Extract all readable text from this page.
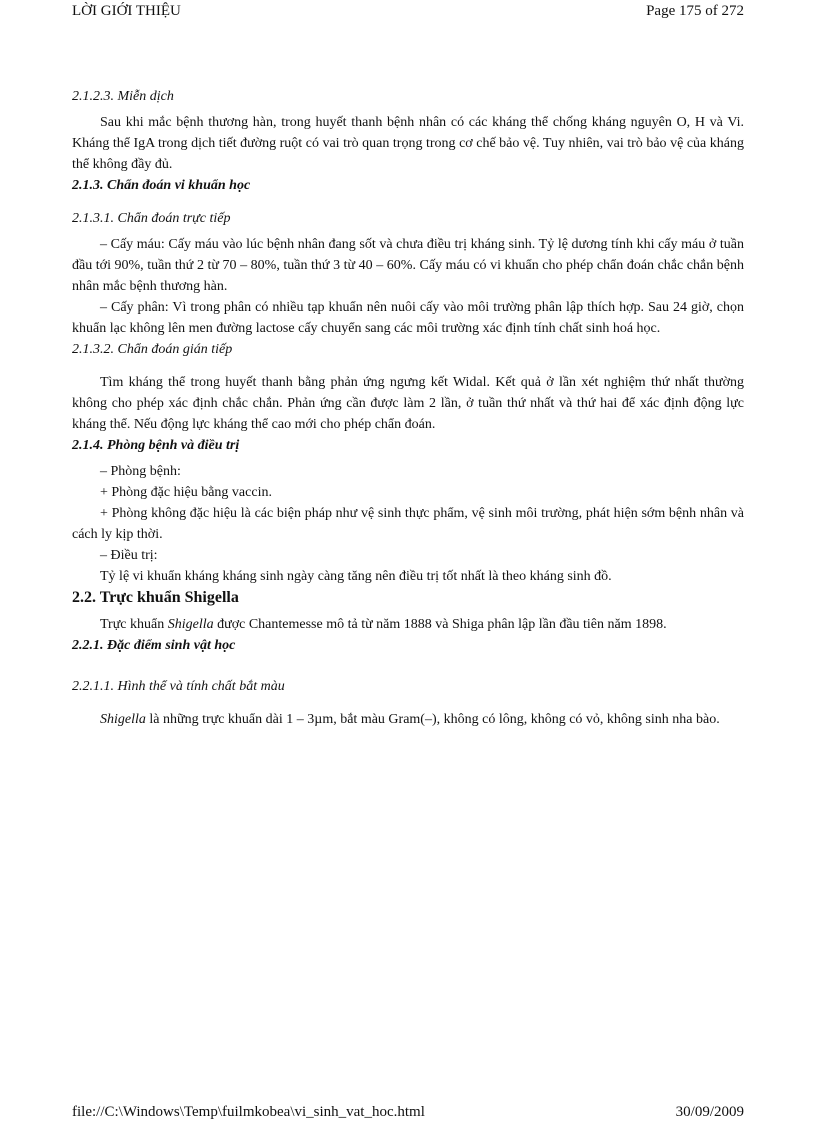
LỜI GIỚI THIỆU	Page 175 of 272
2.1.2.3. Miễn dịch

Sau khi mắc bệnh thương hàn, trong huyết thanh bệnh nhân có các kháng thể chống kháng nguyên O, H và Vi. Kháng thể IgA trong dịch tiết đường ruột có vai trò quan trọng trong cơ chế bảo vệ. Tuy nhiên, vai trò bảo vệ của kháng thể không đầy đủ.

2.1.3. Chẩn đoán vi khuẩn học
2.1.3.1. Chẩn đoán trực tiếp

– Cấy máu: Cấy máu vào lúc bệnh nhân đang sốt và chưa điều trị kháng sinh. Tỷ lệ dương tính khi cấy máu ở tuần đầu tới 90%, tuần thứ 2 từ 70 – 80%, tuần thứ 3 từ 40 – 60%. Cấy máu có vi khuẩn cho phép chẩn đoán chắc chắn bệnh nhân mắc bệnh thương hàn.

– Cấy phân: Vì trong phân có nhiều tạp khuẩn nên nuôi cấy vào môi trường phân lập thích hợp. Sau 24 giờ, chọn khuẩn lạc không lên men đường lactose cấy chuyển sang các môi trường xác định tính chất sinh hoá học.

2.1.3.2. Chẩn đoán gián tiếp

Tìm kháng thể trong huyết thanh bằng phản ứng ngưng kết Widal. Kết quả ở lần xét nghiệm thứ nhất thường không cho phép xác định chắc chắn. Phản ứng cần được làm 2 lần, ở tuần thứ nhất và thứ hai để xác định động lực kháng thể. Nếu động lực kháng thể cao mới cho phép chẩn đoán.

2.1.4. Phòng bệnh và điều trị

– Phòng bệnh:

+ Phòng đặc hiệu bằng vaccin.

+ Phòng không đặc hiệu là các biện pháp như vệ sinh thực phẩm, vệ sinh môi trường, phát hiện sớm bệnh nhân và cách ly kịp thời.

– Điều trị:

Tỷ lệ vi khuẩn kháng kháng sinh ngày càng tăng nên điều trị tốt nhất là theo kháng sinh đồ.

2.2. Trực khuẩn Shigella

Trực khuẩn Shigella được Chantemesse mô tả từ năm 1888 và Shiga phân lập lần đầu tiên năm 1898.

2.2.1. Đặc điểm sinh vật học
2.2.1.1. Hình thể và tính chất bắt màu

Shigella là những trực khuẩn dài 1 – 3µm, bắt màu Gram(–), không có lông, không có vỏ, không sinh nha bào.

file://C:\Windows\Temp\fuilmkobea\vi_sinh_vat_hoc.html	30/09/2009
